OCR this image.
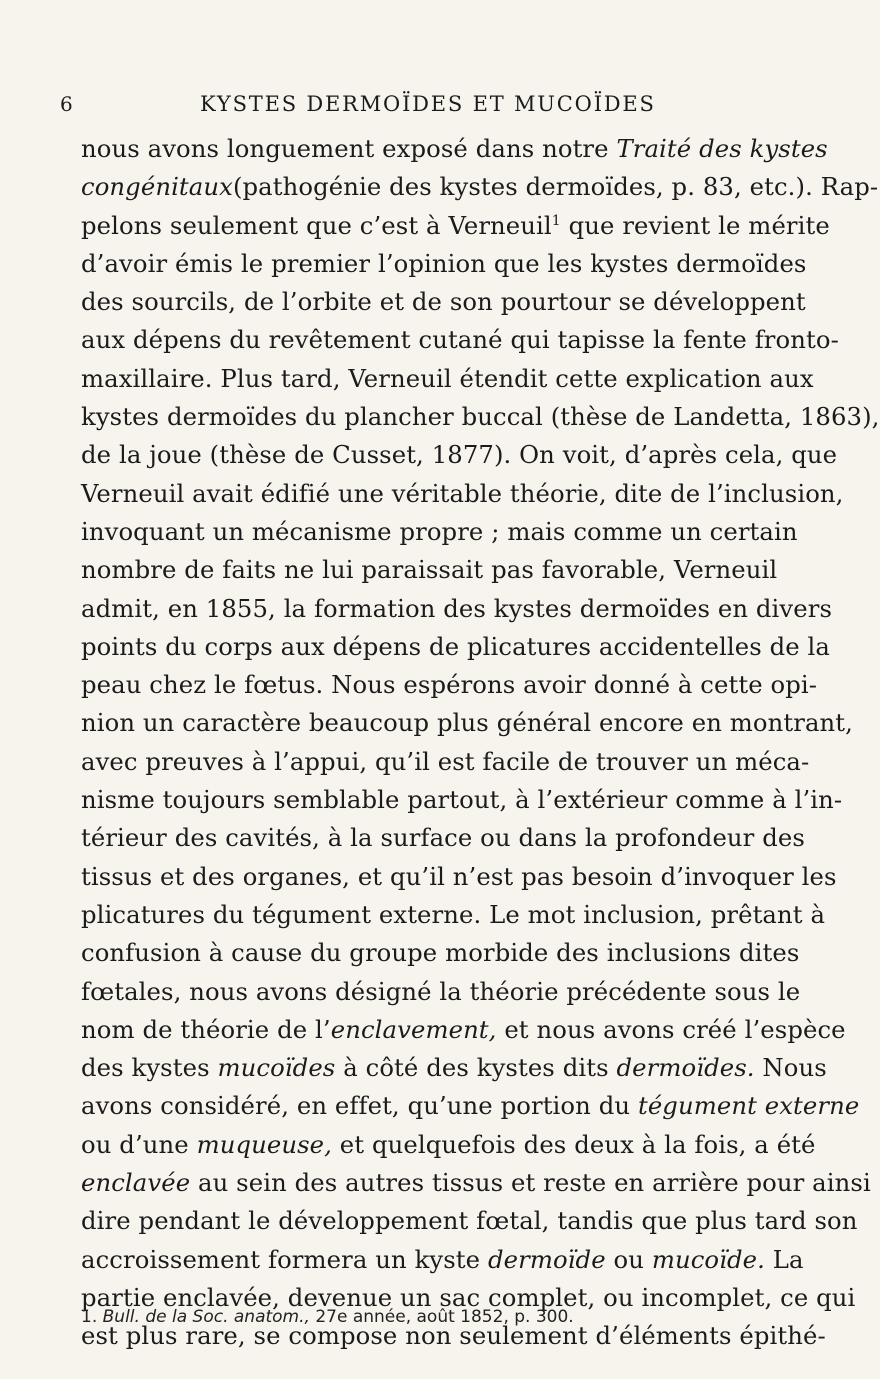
6	KYSTES DERMOÏDES ET MUCOÏDES
nous avons longuement exposé dans notre Traité des kystes
congénitaux(pathogénie des kystes dermoïdes, p. 83, etc.). Rap-
pelons seulement que c’est à Verneuil$^1$ que revient le mérite
d’avoir émis le premier l’opinion que les kystes dermoïdes
des sourcils, de l’orbite et de son pourtour se développent
aux dépens du revêtement cutané qui tapisse la fente fronto-
maxillaire. Plus tard, Verneuil étendit cette explication aux
kystes dermoïdes du plancher buccal (thèse de Landetta, 1863),
de la joue (thèse de Cusset, 1877). On voit, d’après cela, que
Verneuil avait édifié une véritable théorie, dite de l’inclusion,
invoquant un mécanisme propre ; mais comme un certain
nombre de faits ne lui paraissait pas favorable, Verneuil
admit, en 1855, la formation des kystes dermoïdes en divers
points du corps aux dépens de plicatures accidentelles de la
peau chez le fœtus. Nous espérons avoir donné à cette opi-
nion un caractère beaucoup plus général encore en montrant,
avec preuves à l’appui, qu’il est facile de trouver un méca-
nisme toujours semblable partout, à l’extérieur comme à l’in-
térieur des cavités, à la surface ou dans la profondeur des
tissus et des organes, et qu’il n’est pas besoin d’invoquer les
plicatures du tégument externe. Le mot inclusion, prêtant à
confusion à cause du groupe morbide des inclusions dites
fœtales, nous avons désigné la théorie précédente sous le
nom de théorie de l’enclavement, et nous avons créé l’espèce
des kystes mucoïdes à côté des kystes dits dermoïdes. Nous
avons considéré, en effet, qu’une portion du tégument externe
ou d’une muqueuse, et quelquefois des deux à la fois, a été
enclavée au sein des autres tissus et reste en arrière pour ainsi
dire pendant le développement fœtal, tandis que plus tard son
accroissement formera un kyste dermoïde ou mucoïde. La
partie enclavée, devenue un sac complet, ou incomplet, ce qui
est plus rare, se compose non seulement d’éléments épithé-
1. Bull. de la Soc. anatom., 27e année, août 1852, p. 300.
